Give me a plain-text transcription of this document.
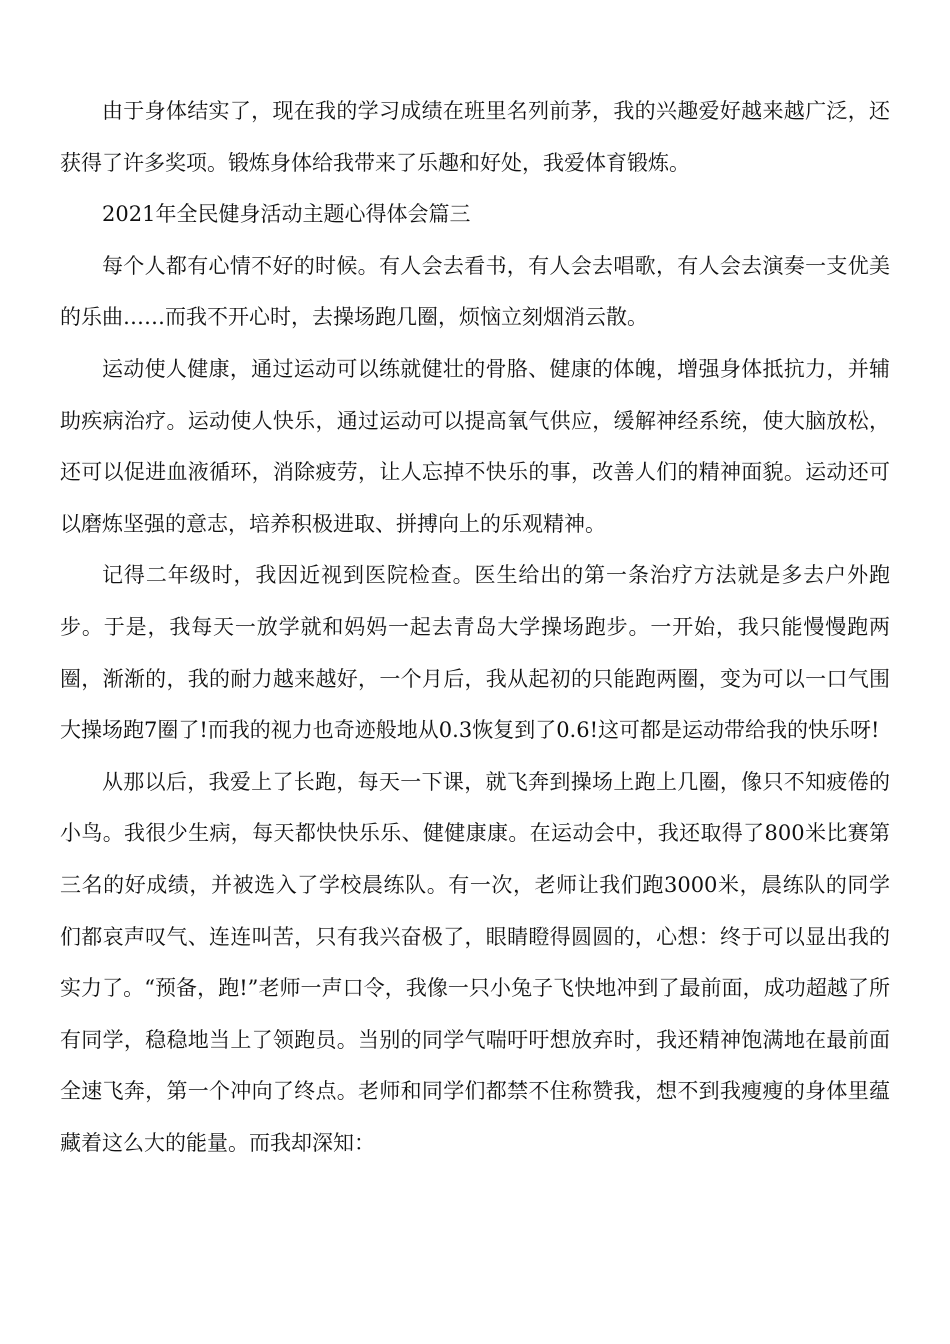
由于身体结实了，现在我的学习成绩在班里名列前茅，我的兴趣爱好越来越广泛，还获得了许多奖项。锻炼身体给我带来了乐趣和好处，我爱体育锻炼。

2021年全民健身活动主题心得体会篇三

每个人都有心情不好的时候。有人会去看书，有人会去唱歌，有人会去演奏一支优美的乐曲……而我不开心时，去操场跑几圈，烦恼立刻烟消云散。

运动使人健康，通过运动可以练就健壮的骨胳、健康的体魄，增强身体抵抗力，并辅助疾病治疗。运动使人快乐，通过运动可以提高氧气供应，缓解神经系统，使大脑放松，还可以促进血液循环，消除疲劳，让人忘掉不快乐的事，改善人们的精神面貌。运动还可以磨炼坚强的意志，培养积极进取、拼搏向上的乐观精神。

记得二年级时，我因近视到医院检查。医生给出的第一条治疗方法就是多去户外跑步。于是，我每天一放学就和妈妈一起去青岛大学操场跑步。一开始，我只能慢慢跑两圈，渐渐的，我的耐力越来越好，一个月后，我从起初的只能跑两圈，变为可以一口气围大操场跑7圈了!而我的视力也奇迹般地从0.3恢复到了0.6!这可都是运动带给我的快乐呀!

从那以后，我爱上了长跑，每天一下课，就飞奔到操场上跑上几圈，像只不知疲倦的小鸟。我很少生病，每天都快快乐乐、健健康康。在运动会中，我还取得了800米比赛第三名的好成绩，并被选入了学校晨练队。有一次，老师让我们跑3000米，晨练队的同学们都哀声叹气、连连叫苦，只有我兴奋极了，眼睛瞪得圆圆的，心想：终于可以显出我的实力了。“预备，跑!”老师一声口令，我像一只小兔子飞快地冲到了最前面，成功超越了所有同学，稳稳地当上了领跑员。当别的同学气喘吁吁想放弃时，我还精神饱满地在最前面全速飞奔，第一个冲向了终点。老师和同学们都禁不住称赞我，想不到我瘦瘦的身体里蕴藏着这么大的能量。而我却深知：
